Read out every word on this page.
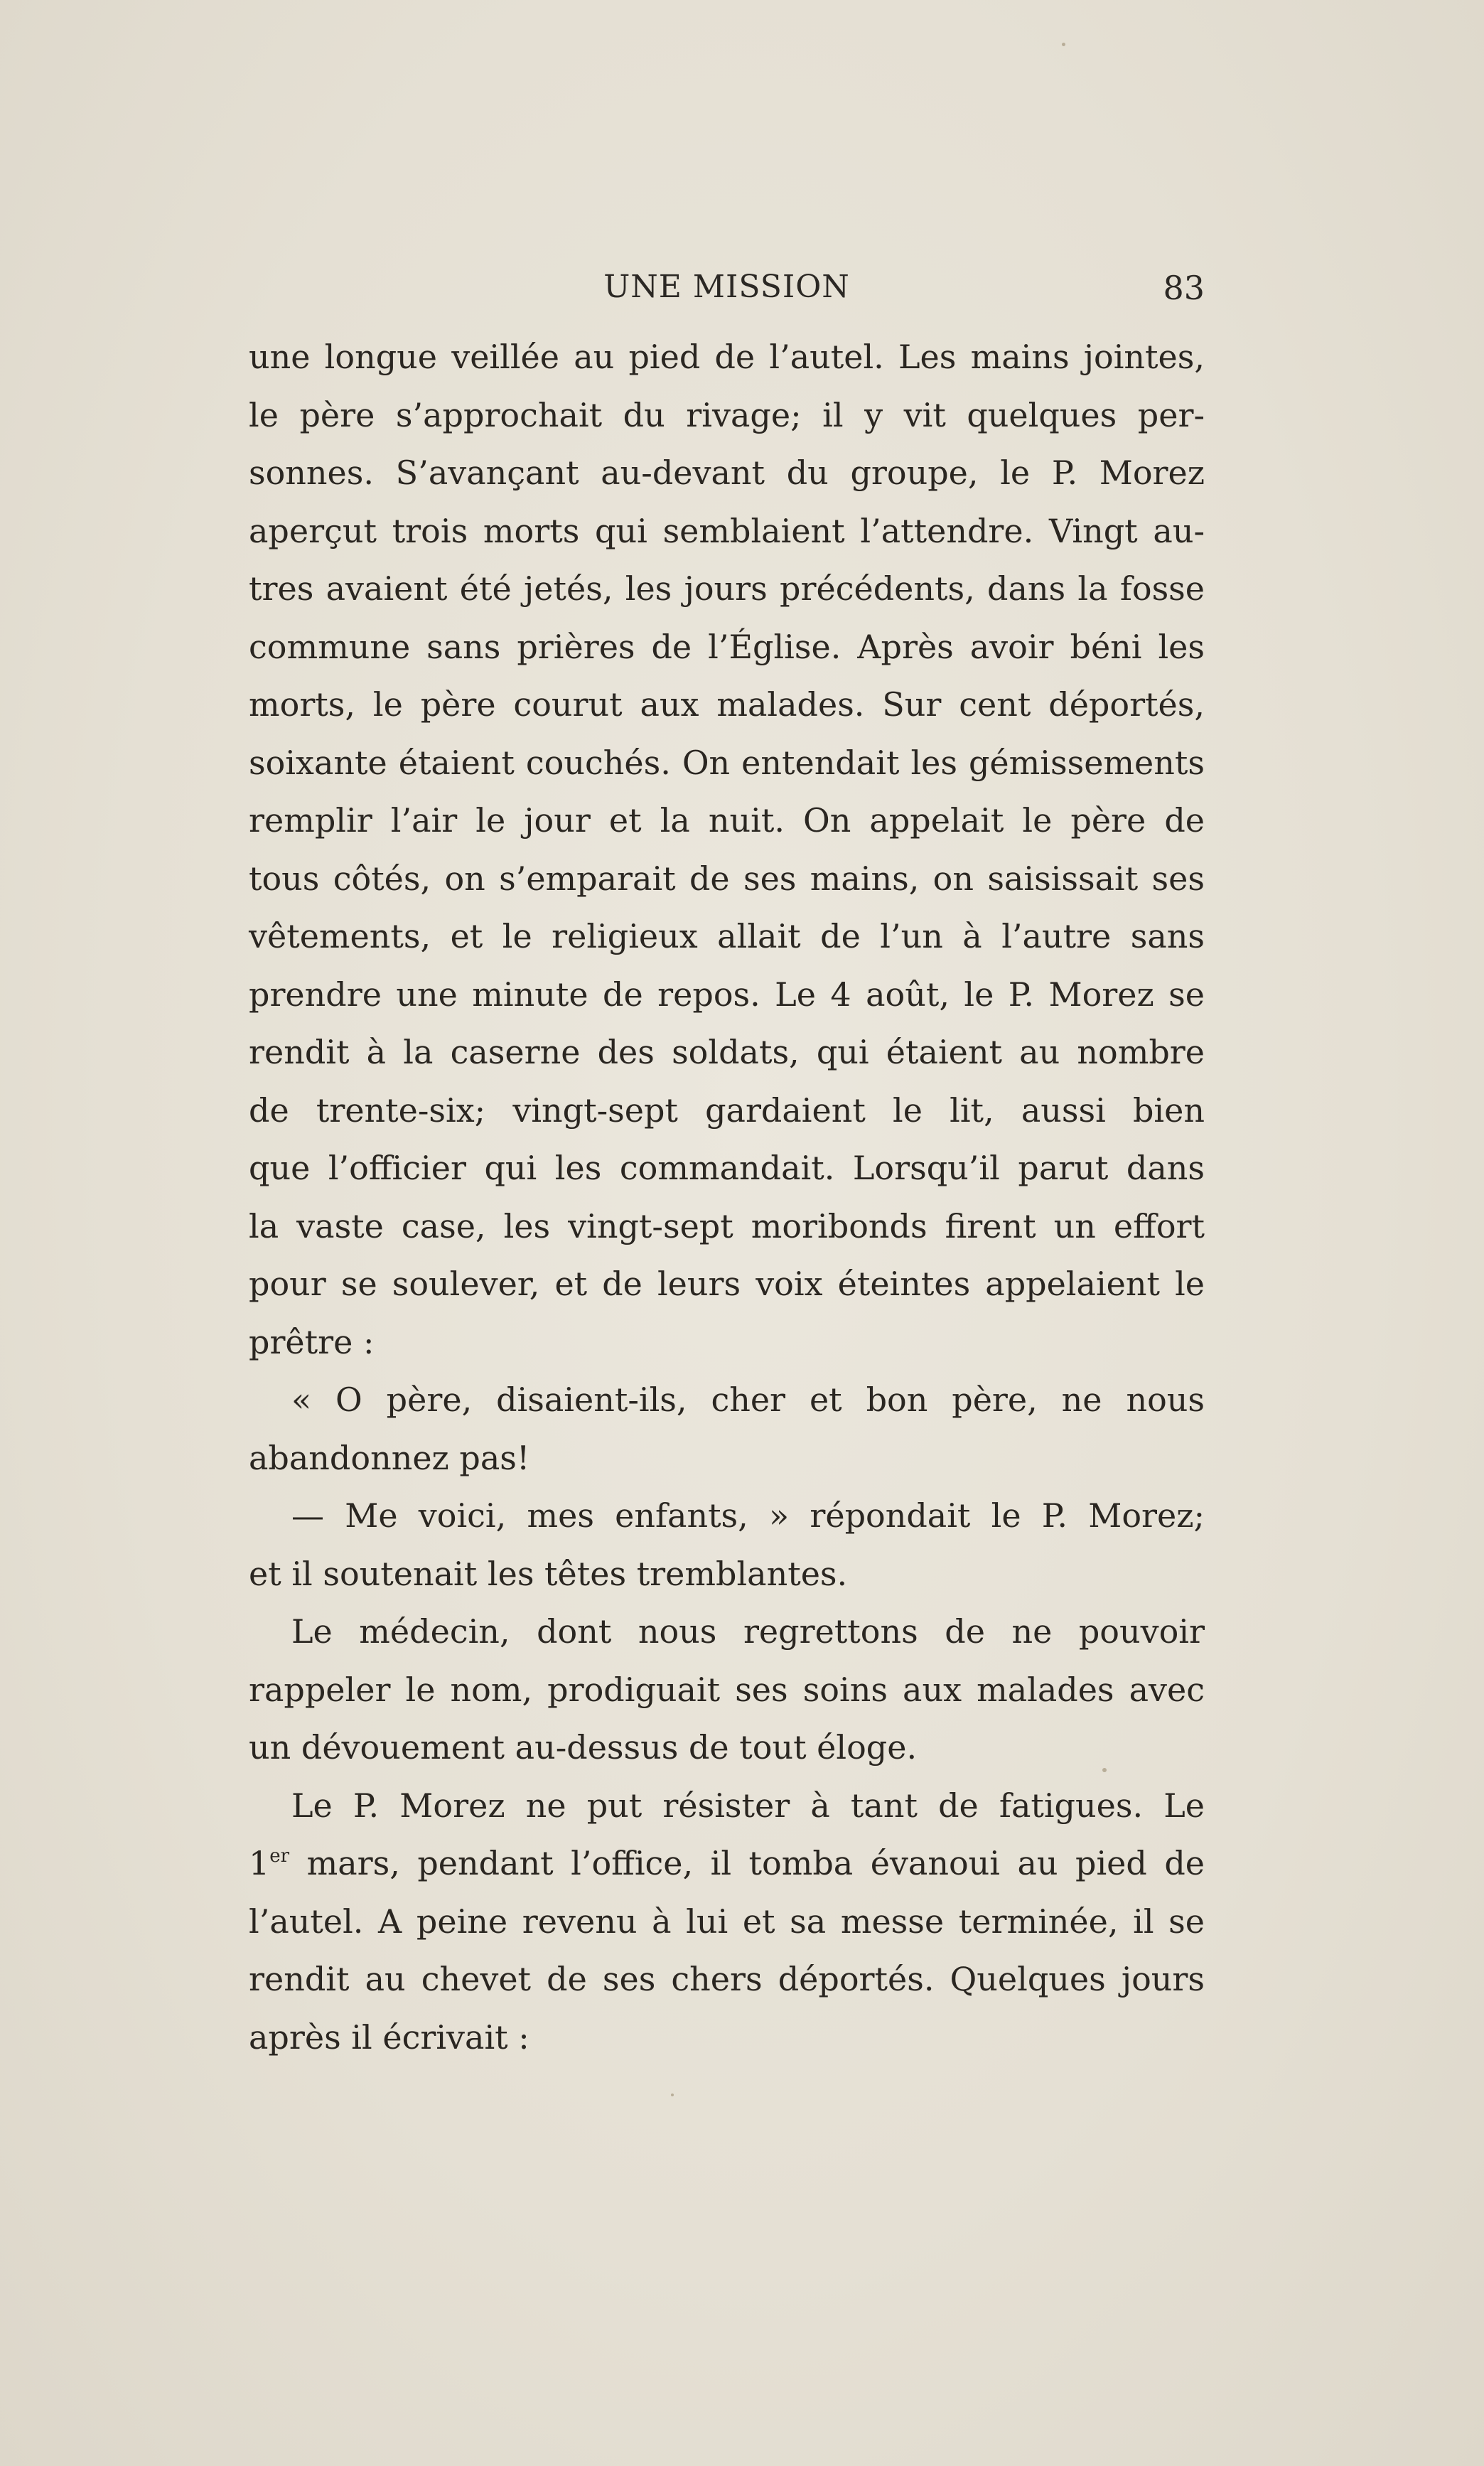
UNE MISSION	83
une longue veillée au pied de l’autel. Les mains jointes,
le père s’approchait du rivage; il y vit quelques per-
sonnes. S’avançant au-devant du groupe, le P. Morez
aperçut trois morts qui semblaient l’attendre. Vingt au-
tres avaient été jetés, les jours précédents, dans la fosse
commune sans prières de l’Église. Après avoir béni les
morts, le père courut aux malades. Sur cent déportés,
soixante étaient couchés. On entendait les gémissements
remplir l’air le jour et la nuit. On appelait le père de
tous côtés, on s’emparait de ses mains, on saisissait ses
vêtements, et le religieux allait de l’un à l’autre sans
prendre une minute de repos. Le 4 août, le P. Morez se
rendit à la caserne des soldats, qui étaient au nombre
de trente-six; vingt-sept gardaient le lit, aussi bien
que l’officier qui les commandait. Lorsqu’il parut dans
la vaste case, les vingt-sept moribonds firent un effort
pour se soulever, et de leurs voix éteintes appelaient le
prêtre :
« O père, disaient-ils, cher et bon père, ne nous
abandonnez pas!
— Me voici, mes enfants, » répondait le P. Morez;
et il soutenait les têtes tremblantes.
Le médecin, dont nous regrettons de ne pouvoir
rappeler le nom, prodiguait ses soins aux malades avec
un dévouement au-dessus de tout éloge.
Le P. Morez ne put résister à tant de fatigues. Le
1er mars, pendant l’office, il tomba évanoui au pied de
l’autel. A peine revenu à lui et sa messe terminée, il se
rendit au chevet de ses chers déportés. Quelques jours
après il écrivait :
